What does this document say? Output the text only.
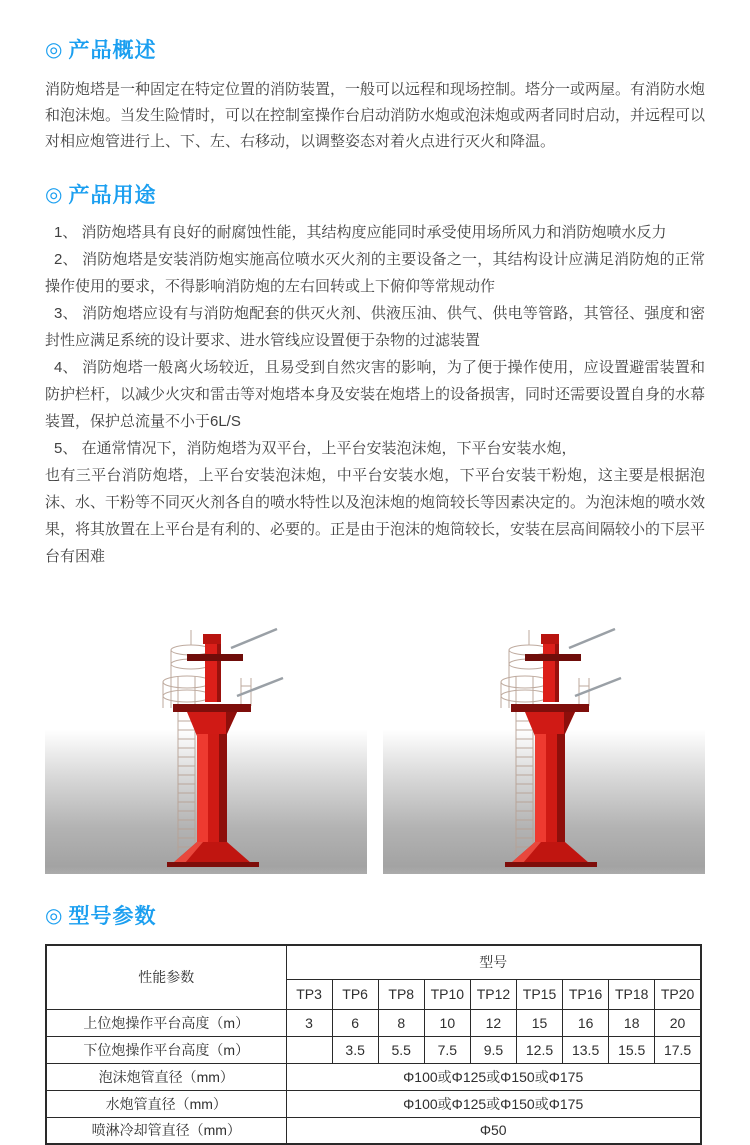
◎ 产品概述

消防炮塔是一种固定在特定位置的消防装置，一般可以远程和现场控制。塔分一或两屋。有消防水炮和泡沫炮。当发生险情时，可以在控制室操作台启动消防水炮或泡沫炮或两者同时启动，并远程可以对相应炮管进行上、下、左、右移动，以调整姿态对着火点进行灭火和降温。

◎ 产品用途

1、 消防炮塔具有良好的耐腐蚀性能，其结构度应能同时承受使用场所风力和消防炮喷水反力

2、 消防炮塔是安装消防炮实施高位喷水灭火剂的主要设备之一，其结构设计应满足消防炮的正常操作使用的要求，不得影响消防炮的左右回转或上下俯仰等常规动作

3、 消防炮塔应设有与消防炮配套的供灭火剂、供液压油、供气、供电等管路，其管径、强度和密封性应满足系统的设计要求、进水管线应设置便于杂物的过滤装置

4、 消防炮塔一般离火场较近，且易受到自然灾害的影响，为了便于操作使用，应设置避雷装置和防护栏杆，以减少火灾和雷击等对炮塔本身及安装在炮塔上的设备损害，同时还需要设置自身的水幕装置，保护总流量不小于6L/S

5、 在通常情况下，消防炮塔为双平台，上平台安装泡沫炮，下平台安装水炮，

也有三平台消防炮塔，上平台安装泡沫炮，中平台安装水炮，下平台安装干粉炮，这主要是根据泡沫、水、干粉等不同灭火剂各自的喷水特性以及泡沫炮的炮筒较长等因素决定的。为泡沫炮的喷水效果，将其放置在上平台是有利的、必要的。正是由于泡沫的炮筒较长，安装在层高间隔较小的下层平台有困难

◎ 型号参数
性能参数	型号								
	TP3	TP6	TP8	TP10	TP12	TP15	TP16	TP18	TP20
上位炮操作平台高度（m）	3	6	8	10	12	15	16	18	20
下位炮操作平台高度（m）		3.5	5.5	7.5	9.5	12.5	13.5	15.5	17.5
泡沫炮管直径（mm）	Φ100或Φ125或Φ150或Φ175								
水炮管直径（mm）	Φ100或Φ125或Φ150或Φ175								
喷淋冷却管直径（mm）	Φ50								
